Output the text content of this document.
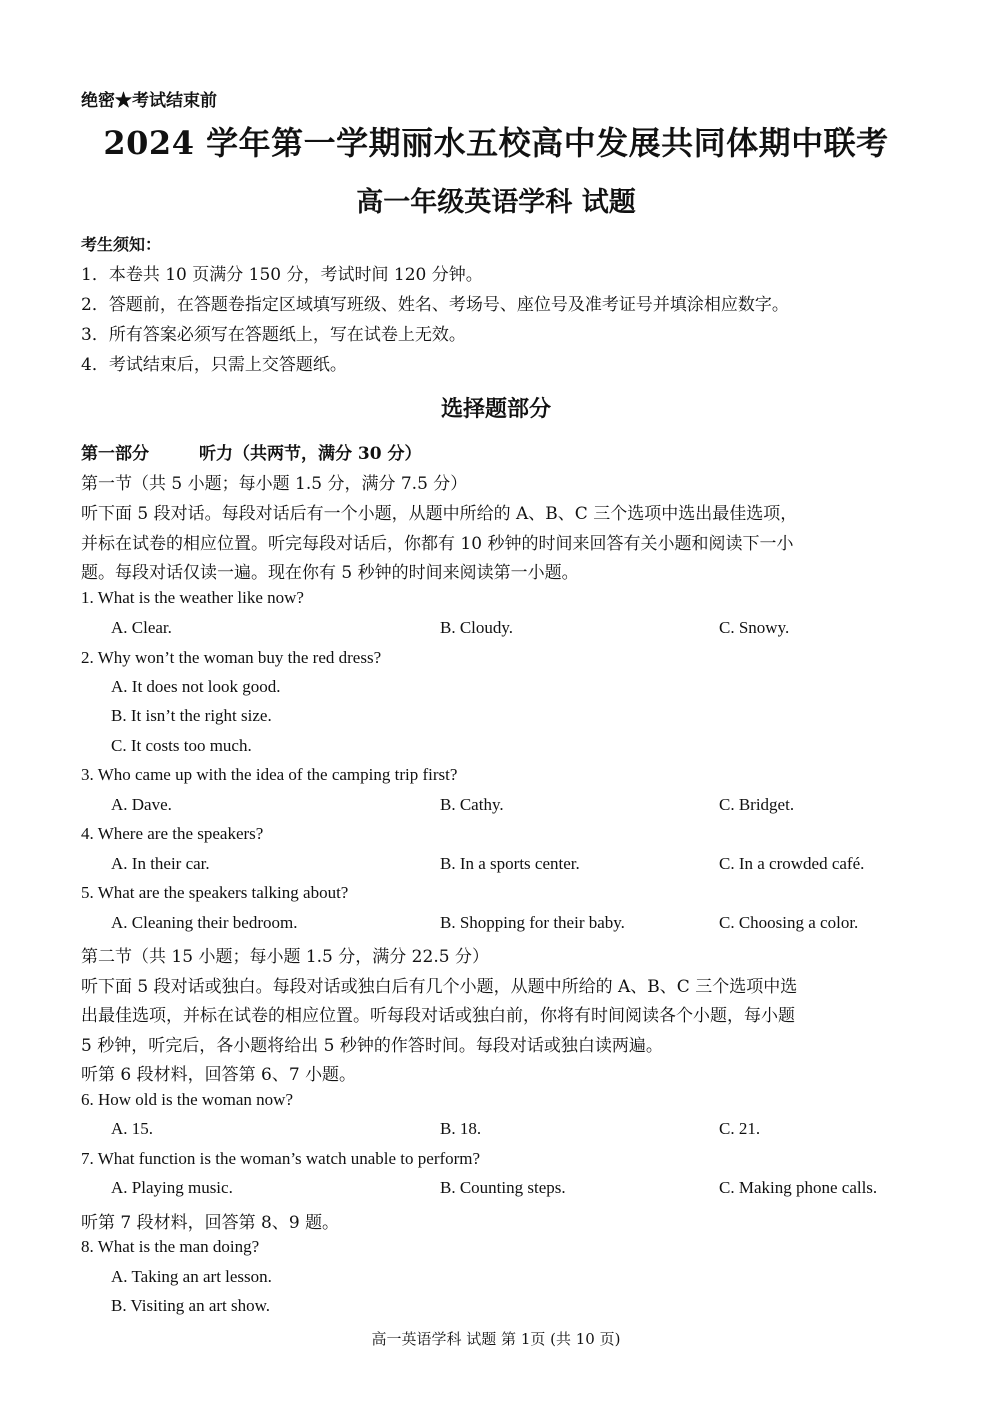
绝密★考试结束前
2024 学年第一学期丽水五校高中发展共同体期中联考
高一年级英语学科 试题
考生须知：
1．本卷共 10 页满分 150 分，考试时间 120 分钟。
2．答题前，在答题卷指定区域填写班级、姓名、考场号、座位号及准考证号并填涂相应数字。
3．所有答案必须写在答题纸上，写在试卷上无效。
4．考试结束后，只需上交答题纸。
选择题部分
第一部分	听力（共两节，满分 30 分）
第一节（共 5 小题；每小题 1.5 分，满分 7.5 分）
听下面 5 段对话。每段对话后有一个小题，从题中所给的 A、B、C 三个选项中选出最佳选项，
并标在试卷的相应位置。听完每段对话后，你都有 10 秒钟的时间来回答有关小题和阅读下一小
题。每段对话仅读一遍。现在你有 5 秒钟的时间来阅读第一小题。
1. What is the weather like now?
A. Clear.	B. Cloudy.	C. Snowy.
2. Why won’t the woman buy the red dress?
A. It does not look good.
B. It isn’t the right size.
C. It costs too much.
3. Who came up with the idea of the camping trip first?
A. Dave.	B. Cathy.	C. Bridget.
4. Where are the speakers?
A. In their car.	B. In a sports center.	C. In a crowded café.
5. What are the speakers talking about?
A. Cleaning their bedroom.	B. Shopping for their baby.	C. Choosing a color.
第二节（共 15 小题；每小题 1.5 分，满分 22.5 分）
听下面 5 段对话或独白。每段对话或独白后有几个小题，从题中所给的 A、B、C 三个选项中选
出最佳选项，并标在试卷的相应位置。听每段对话或独白前，你将有时间阅读各个小题，每小题
5 秒钟，听完后，各小题将给出 5 秒钟的作答时间。每段对话或独白读两遍。
听第 6 段材料，回答第 6、7 小题。
6. How old is the woman now?
A. 15.	B. 18.	C. 21.
7. What function is the woman’s watch unable to perform?
A. Playing music.	B. Counting steps.	C. Making phone calls.
听第 7 段材料，回答第 8、9 题。
8. What is the man doing?
A. Taking an art lesson.
B. Visiting an art show.
高一英语学科 试题 第 1页 (共 10 页)
